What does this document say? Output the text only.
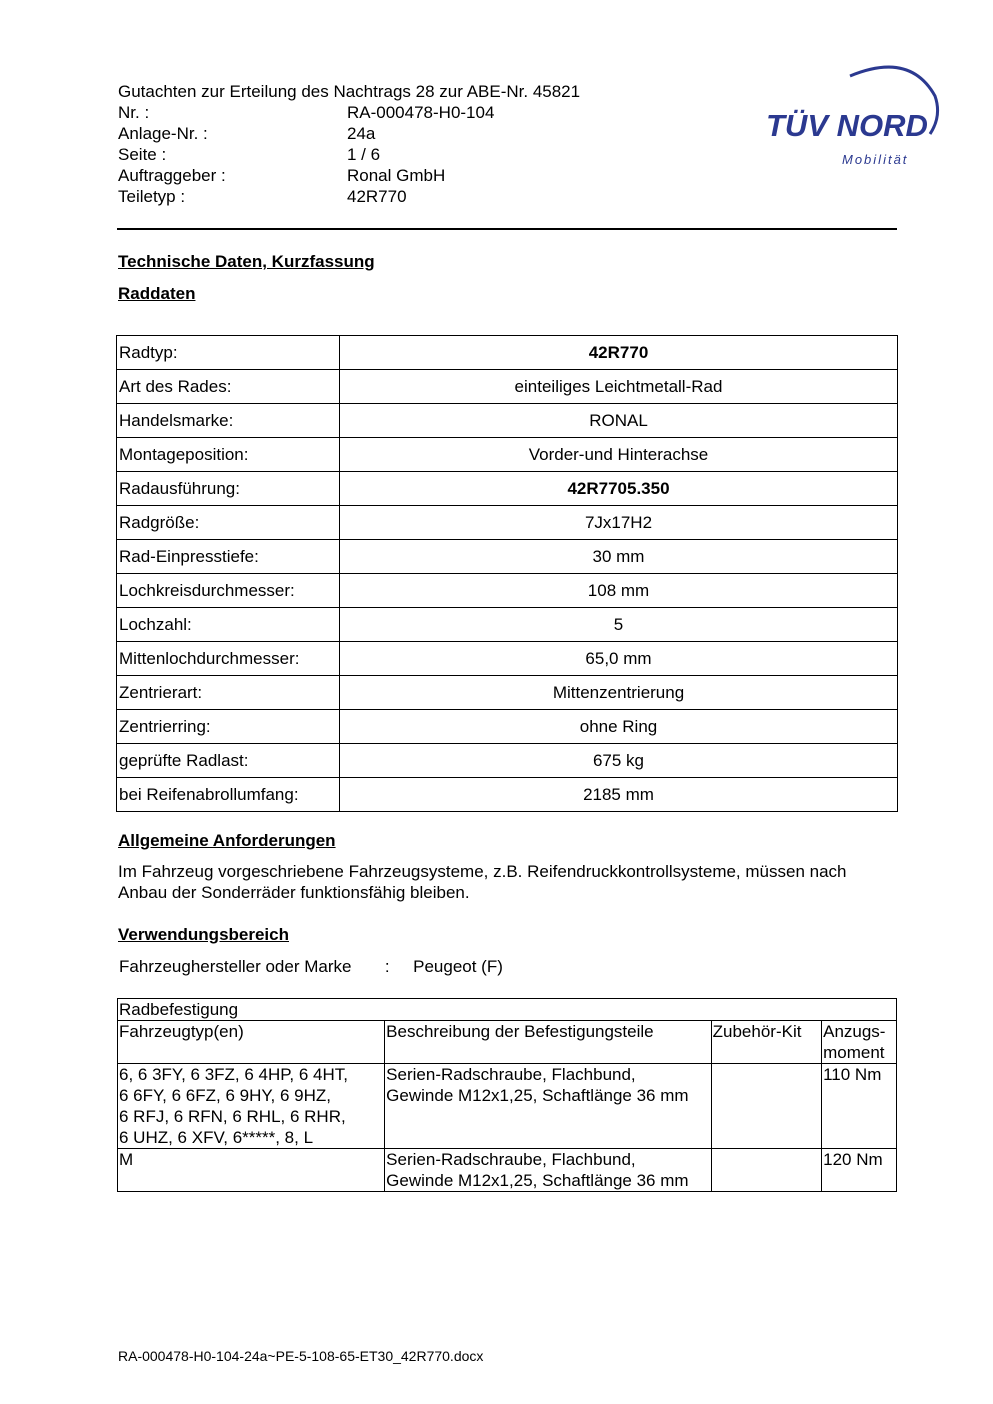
Gutachten zur Erteilung des Nachtrags 28 zur ABE-Nr. 45821
Nr. :	RA-000478-H0-104
Anlage-Nr. :	24a
Seite :	1 / 6
Auftraggeber :	Ronal GmbH
Teiletyp :	42R770
TÜV NORD
Mobilität
Technische Daten, Kurzfassung
Raddaten
Radtyp:	42R770
Art des Rades:	einteiliges Leichtmetall-Rad
Handelsmarke:	RONAL
Montageposition:	Vorder-und Hinterachse
Radausführung:	42R7705.350
Radgröße:	7Jx17H2
Rad-Einpresstiefe:	30 mm
Lochkreisdurchmesser:	108 mm
Lochzahl:	5
Mittenlochdurchmesser:	65,0 mm
Zentrierart:	Mittenzentrierung
Zentrierring:	ohne Ring
geprüfte Radlast:	675 kg
bei Reifenabrollumfang:	2185 mm
Allgemeine Anforderungen
Im Fahrzeug vorgeschriebene Fahrzeugsysteme, z.B. Reifendruckkontrollsysteme, müssen nach Anbau der Sonderräder funktionsfähig bleiben.
Verwendungsbereich
Fahrzeughersteller oder Marke : Peugeot (F)
Radbefestigung			
Fahrzeugtyp(en)	Beschreibung der Befestigungsteile	Zubehör-Kit	Anzugs-
moment
6, 6 3FY, 6 3FZ, 6 4HP, 6 4HT,
6 6FY, 6 6FZ, 6 9HY, 6 9HZ,
6 RFJ, 6 RFN, 6 RHL, 6 RHR,
6 UHZ, 6 XFV, 6*****, 8, L	Serien-Radschraube, Flachbund,
Gewinde M12x1,25, Schaftlänge 36 mm		110 Nm
M	Serien-Radschraube, Flachbund,
Gewinde M12x1,25, Schaftlänge 36 mm		120 Nm
RA-000478-H0-104-24a~PE-5-108-65-ET30_42R770.docx
